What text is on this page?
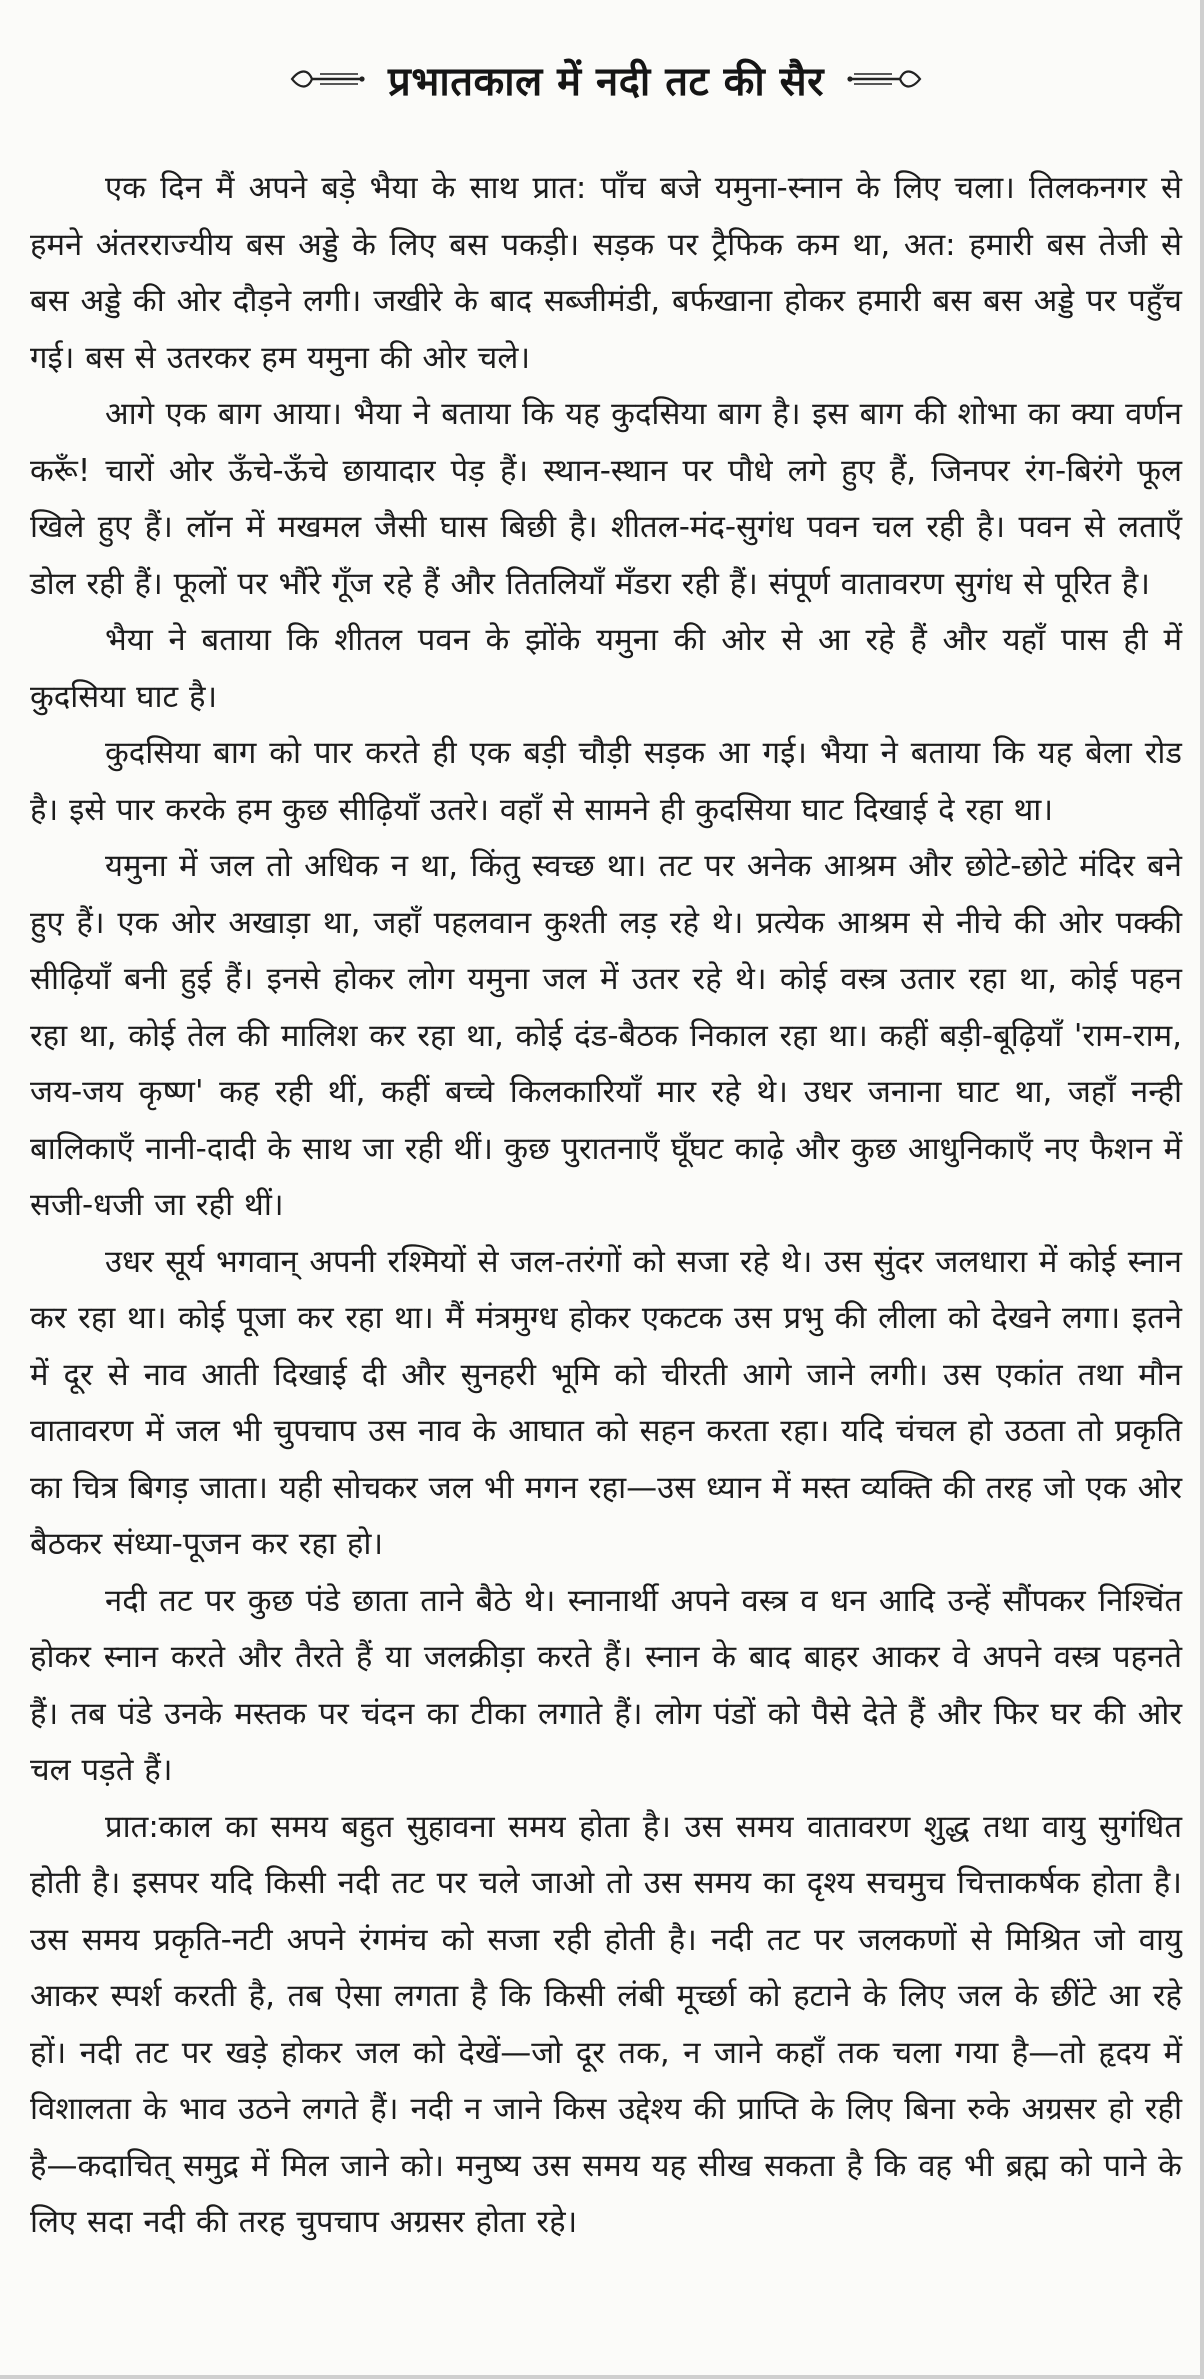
प्रभातकाल में नदी तट की सैर

एक दिन मैं अपने बड़े भैया के साथ प्रात: पाँच बजे यमुना-स्नान के लिए चला। तिलकनगर से हमने अंतरराज्यीय बस अड्डे के लिए बस पकड़ी। सड़क पर ट्रैफिक कम था, अत: हमारी बस तेजी से बस अड्डे की ओर दौड़ने लगी। जखीरे के बाद सब्जीमंडी, बर्फखाना होकर हमारी बस बस अड्डे पर पहुँच गई। बस से उतरकर हम यमुना की ओर चले।

आगे एक बाग आया। भैया ने बताया कि यह कुदसिया बाग है। इस बाग की शोभा का क्या वर्णन करूँ! चारों ओर ऊँचे-ऊँचे छायादार पेड़ हैं। स्थान-स्थान पर पौधे लगे हुए हैं, जिनपर रंग-बिरंगे फूल खिले हुए हैं। लॉन में मखमल जैसी घास बिछी है। शीतल-मंद-सुगंध पवन चल रही है। पवन से लताएँ डोल रही हैं। फूलों पर भौंरे गूँज रहे हैं और तितलियाँ मँडरा रही हैं। संपूर्ण वातावरण सुगंध से पूरित है।

भैया ने बताया कि शीतल पवन के झोंके यमुना की ओर से आ रहे हैं और यहाँ पास ही में कुदसिया घाट है।

कुदसिया बाग को पार करते ही एक बड़ी चौड़ी सड़क आ गई। भैया ने बताया कि यह बेला रोड है। इसे पार करके हम कुछ सीढ़ियाँ उतरे। वहाँ से सामने ही कुदसिया घाट दिखाई दे रहा था।

यमुना में जल तो अधिक न था, किंतु स्वच्छ था। तट पर अनेक आश्रम और छोटे-छोटे मंदिर बने हुए हैं। एक ओर अखाड़ा था, जहाँ पहलवान कुश्ती लड़ रहे थे। प्रत्येक आश्रम से नीचे की ओर पक्की सीढ़ियाँ बनी हुई हैं। इनसे होकर लोग यमुना जल में उतर रहे थे। कोई वस्त्र उतार रहा था, कोई पहन रहा था, कोई तेल की मालिश कर रहा था, कोई दंड-बैठक निकाल रहा था। कहीं बड़ी-बूढ़ियाँ 'राम-राम, जय-जय कृष्ण' कह रही थीं, कहीं बच्चे किलकारियाँ मार रहे थे। उधर जनाना घाट था, जहाँ नन्ही बालिकाएँ नानी-दादी के साथ जा रही थीं। कुछ पुरातनाएँ घूँघट काढ़े और कुछ आधुनिकाएँ नए फैशन में सजी-धजी जा रही थीं।

उधर सूर्य भगवान् अपनी रश्मियों से जल-तरंगों को सजा रहे थे। उस सुंदर जलधारा में कोई स्नान कर रहा था। कोई पूजा कर रहा था। मैं मंत्रमुग्ध होकर एकटक उस प्रभु की लीला को देखने लगा। इतने में दूर से नाव आती दिखाई दी और सुनहरी भूमि को चीरती आगे जाने लगी। उस एकांत तथा मौन वातावरण में जल भी चुपचाप उस नाव के आघात को सहन करता रहा। यदि चंचल हो उठता तो प्रकृति का चित्र बिगड़ जाता। यही सोचकर जल भी मगन रहा—उस ध्यान में मस्त व्यक्ति की तरह जो एक ओर बैठकर संध्या-पूजन कर रहा हो।

नदी तट पर कुछ पंडे छाता ताने बैठे थे। स्नानार्थी अपने वस्त्र व धन आदि उन्हें सौंपकर निश्चिंत होकर स्नान करते और तैरते हैं या जलक्रीड़ा करते हैं। स्नान के बाद बाहर आकर वे अपने वस्त्र पहनते हैं। तब पंडे उनके मस्तक पर चंदन का टीका लगाते हैं। लोग पंडों को पैसे देते हैं और फिर घर की ओर चल पड़ते हैं।

प्रात:काल का समय बहुत सुहावना समय होता है। उस समय वातावरण शुद्ध तथा वायु सुगंधित होती है। इसपर यदि किसी नदी तट पर चले जाओ तो उस समय का दृश्य सचमुच चित्ताकर्षक होता है। उस समय प्रकृति-नटी अपने रंगमंच को सजा रही होती है। नदी तट पर जलकणों से मिश्रित जो वायु आकर स्पर्श करती है, तब ऐसा लगता है कि किसी लंबी मूर्च्छा को हटाने के लिए जल के छींटे आ रहे हों। नदी तट पर खड़े होकर जल को देखें—जो दूर तक, न जाने कहाँ तक चला गया है—तो हृदय में विशालता के भाव उठने लगते हैं। नदी न जाने किस उद्देश्य की प्राप्ति के लिए बिना रुके अग्रसर हो रही है—कदाचित् समुद्र में मिल जाने को। मनुष्य उस समय यह सीख सकता है कि वह भी ब्रह्म को पाने के लिए सदा नदी की तरह चुपचाप अग्रसर होता रहे।
